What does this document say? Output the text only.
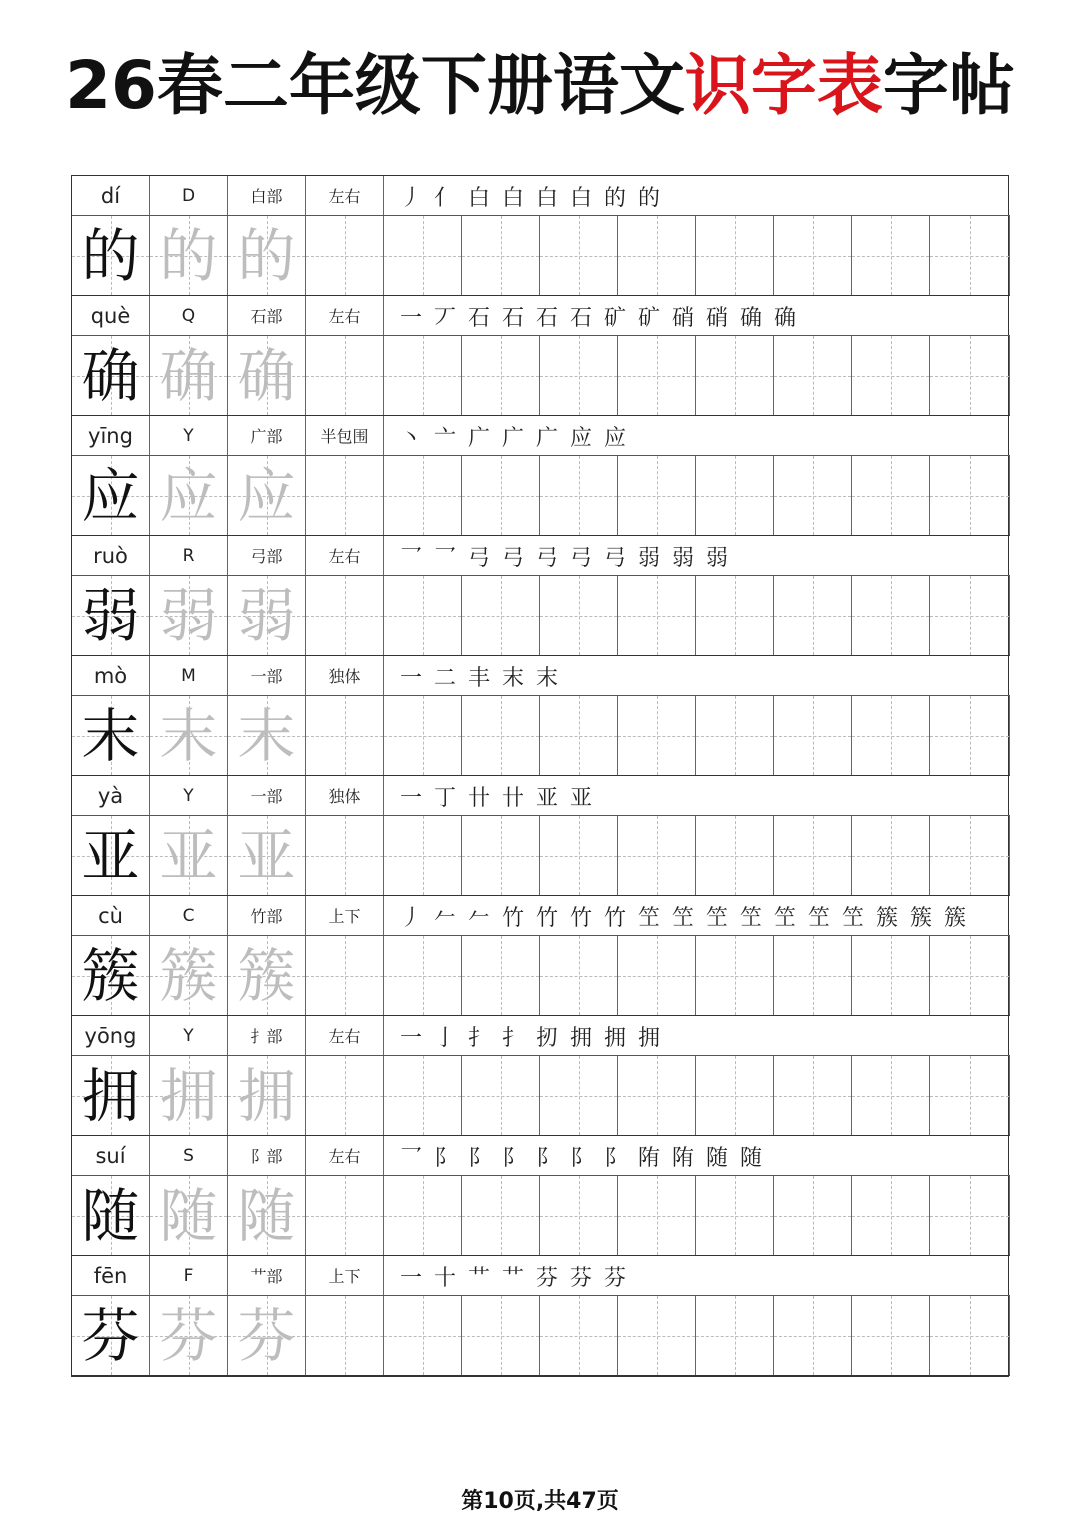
26春二年级下册语文识字表字帖
dí	D	白部	左右	丿 亻 白 白 白 白 的 的
的 的 的
què	Q	石部	左右	一 丆 石 石 石 石 矿 矿 硝 硝 确 确
确 确 确
yīng	Y	广部	半包围	丶 亠 广 广 广 应 应
应 应 应
ruò	R	弓部	左右	乛 乛 弓 弓 弓 弓 弓 弱 弱 弱
弱 弱 弱
mò	M	一部	独体	一 二 丰 末 末
末 末 末
yà	Y	一部	独体	一 丁 卄 卄 亚 亚
亚 亚 亚
cù	C	竹部	上下	丿 𠂉 𠂉 竹 竹 竹 竹 笁 笁 笁 笁 笁 笁 笁 簇 簇 簇
簇 簇 簇
yōng	Y	扌部	左右	一 亅 扌 扌 扨 拥 拥 拥
拥 拥 拥
suí	S	阝部	左右	乛 阝 阝 阝 阝 阝 阝 陏 陏 随 随
随 随 随
fēn	F	艹部	上下	一 十 艹 艹 芬 芬 芬
芬 芬 芬
第10页,共47页
